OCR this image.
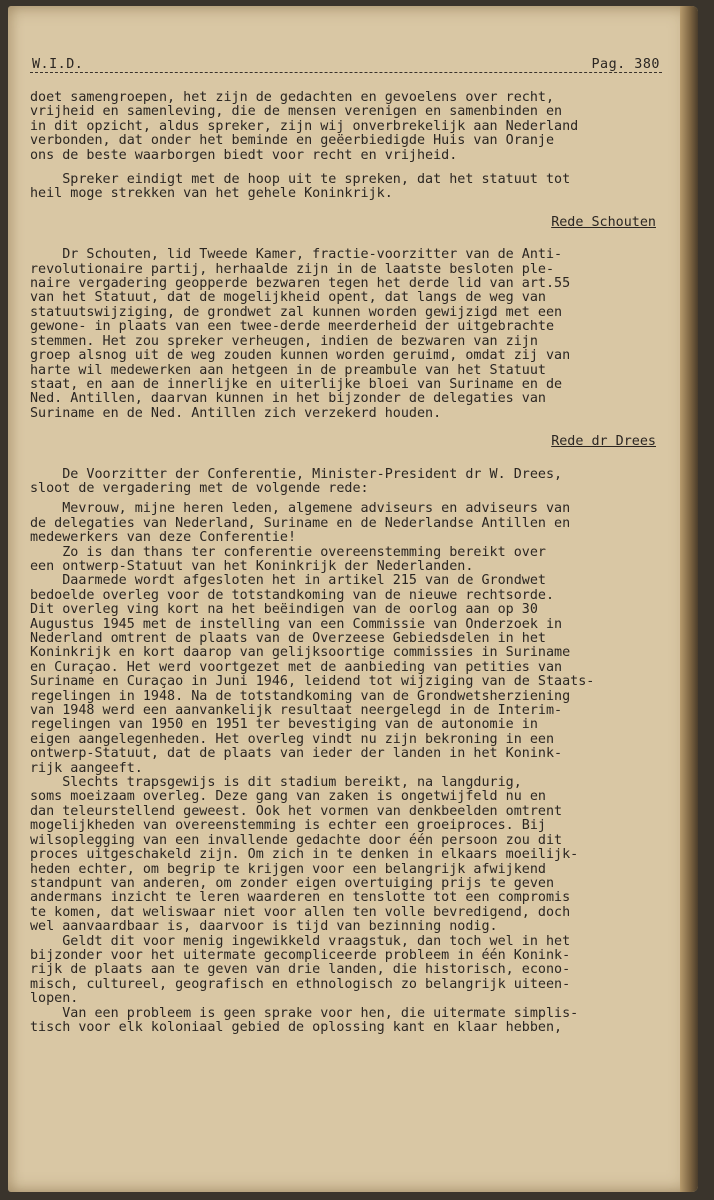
W.I.D.	Pag. 380

doet samengroepen, het zijn de gedachten en gevoelens over recht,
vrijheid en samenleving, die de mensen verenigen en samenbinden en
in dit opzicht, aldus spreker, zijn wij onverbrekelijk aan Nederland
verbonden, dat onder het beminde en geëerbiedigde Huis van Oranje
ons de beste waarborgen biedt voor recht en vrijheid.

Spreker eindigt met de hoop uit te spreken, dat het statuut tot
heil moge strekken van het gehele Koninkrijk.

Rede Schouten

Dr Schouten, lid Tweede Kamer, fractie-voorzitter van de Anti-
revolutionaire partij, herhaalde zijn in de laatste besloten ple-
naire vergadering geopperde bezwaren tegen het derde lid van art.55
van het Statuut, dat de mogelijkheid opent, dat langs de weg van
statuutswijziging, de grondwet zal kunnen worden gewijzigd met een
gewone- in plaats van een twee-derde meerderheid der uitgebrachte
stemmen. Het zou spreker verheugen, indien de bezwaren van zijn
groep alsnog uit de weg zouden kunnen worden geruimd, omdat zij van
harte wil medewerken aan hetgeen in de preambule van het Statuut
staat, en aan de innerlijke en uiterlijke bloei van Suriname en de
Ned. Antillen, daarvan kunnen in het bijzonder de delegaties van
Suriname en de Ned. Antillen zich verzekerd houden.

Rede dr Drees

De Voorzitter der Conferentie, Minister-President dr W. Drees,
sloot de vergadering met de volgende rede:

Mevrouw, mijne heren leden, algemene adviseurs en adviseurs van
de delegaties van Nederland, Suriname en de Nederlandse Antillen en
medewerkers van deze Conferentie!
Zo is dan thans ter conferentie overeenstemming bereikt over
een ontwerp-Statuut van het Koninkrijk der Nederlanden.
Daarmede wordt afgesloten het in artikel 215 van de Grondwet
bedoelde overleg voor de totstandkoming van de nieuwe rechtsorde.
Dit overleg ving kort na het beëindigen van de oorlog aan op 30
Augustus 1945 met de instelling van een Commissie van Onderzoek in
Nederland omtrent de plaats van de Overzeese Gebiedsdelen in het
Koninkrijk en kort daarop van gelijksoortige commissies in Suriname
en Curaçao. Het werd voortgezet met de aanbieding van petities van
Suriname en Curaçao in Juni 1946, leidend tot wijziging van de Staats-
regelingen in 1948. Na de totstandkoming van de Grondwetsherziening
van 1948 werd een aanvankelijk resultaat neergelegd in de Interim-
regelingen van 1950 en 1951 ter bevestiging van de autonomie in
eigen aangelegenheden. Het overleg vindt nu zijn bekroning in een
ontwerp-Statuut, dat de plaats van ieder der landen in het Konink-
rijk aangeeft.
Slechts trapsgewijs is dit stadium bereikt, na langdurig,
soms moeizaam overleg. Deze gang van zaken is ongetwijfeld nu en
dan teleurstellend geweest. Ook het vormen van denkbeelden omtrent
mogelijkheden van overeenstemming is echter een groeiproces. Bij
wilsoplegging van een invallende gedachte door één persoon zou dit
proces uitgeschakeld zijn. Om zich in te denken in elkaars moeilijk-
heden echter, om begrip te krijgen voor een belangrijk afwijkend
standpunt van anderen, om zonder eigen overtuiging prijs te geven
andermans inzicht te leren waarderen en tenslotte tot een compromis
te komen, dat weliswaar niet voor allen ten volle bevredigend, doch
wel aanvaardbaar is, daarvoor is tijd van bezinning nodig.
Geldt dit voor menig ingewikkeld vraagstuk, dan toch wel in het
bijzonder voor het uitermate gecompliceerde probleem in één Konink-
rijk de plaats aan te geven van drie landen, die historisch, econo-
misch, cultureel, geografisch en ethnologisch zo belangrijk uiteen-
lopen.
Van een probleem is geen sprake voor hen, die uitermate simplis-
tisch voor elk koloniaal gebied de oplossing kant en klaar hebben,
